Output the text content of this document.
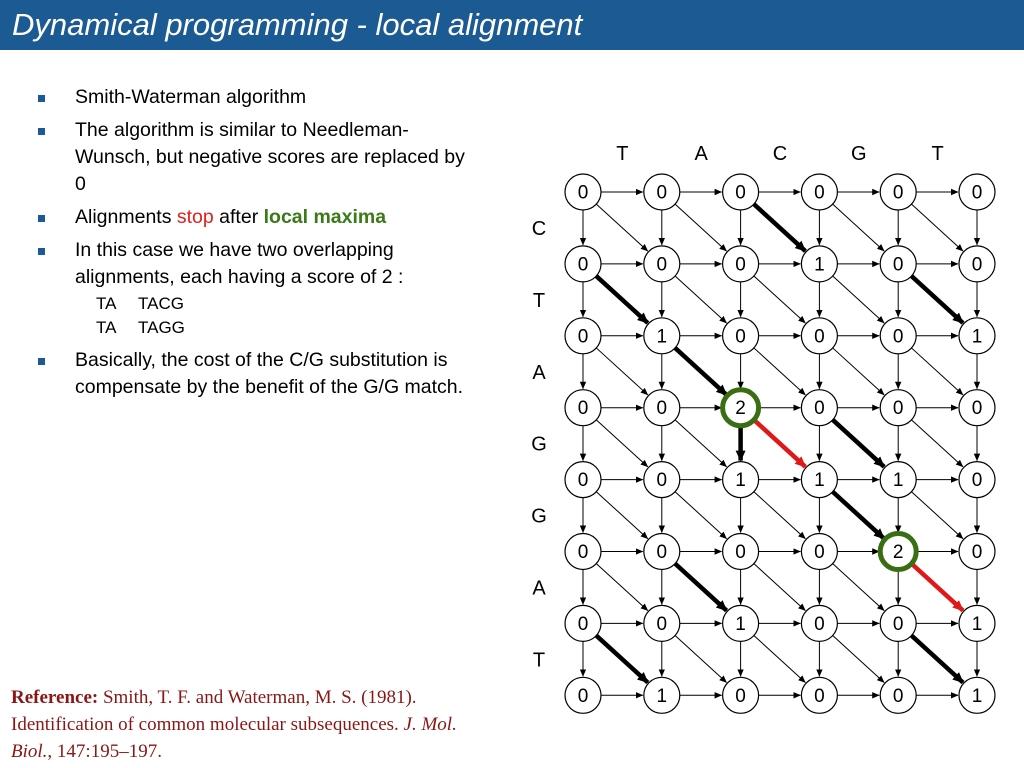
Dynamical programming - local alignment
Smith-Waterman algorithm
The algorithm is similar to Needleman-Wunsch, but negative scores are replaced by 0
Alignments stop after local maxima
In this case we have two overlapping alignments, each having a score of 2 :
TA TACG
TA TAGG
Basically, the cost of the C/G substitution is compensate by the benefit of the G/G match.
Reference: Smith, T. F. and Waterman, M. S. (1981). Identification of common molecular subsequences. J. Mol. Biol., 147:195–197.
0	0	0	0	0	0
0	0	0	1	0	0
0	1	0	0	0	1
0	0	2	0	0	0
0	0	1	1	1	0
0	0	0	0	2	0
0	0	1	0	0	1
0	1	0	0	0	1
T	A	C	G	T
C
T
A
G
G
A
T
